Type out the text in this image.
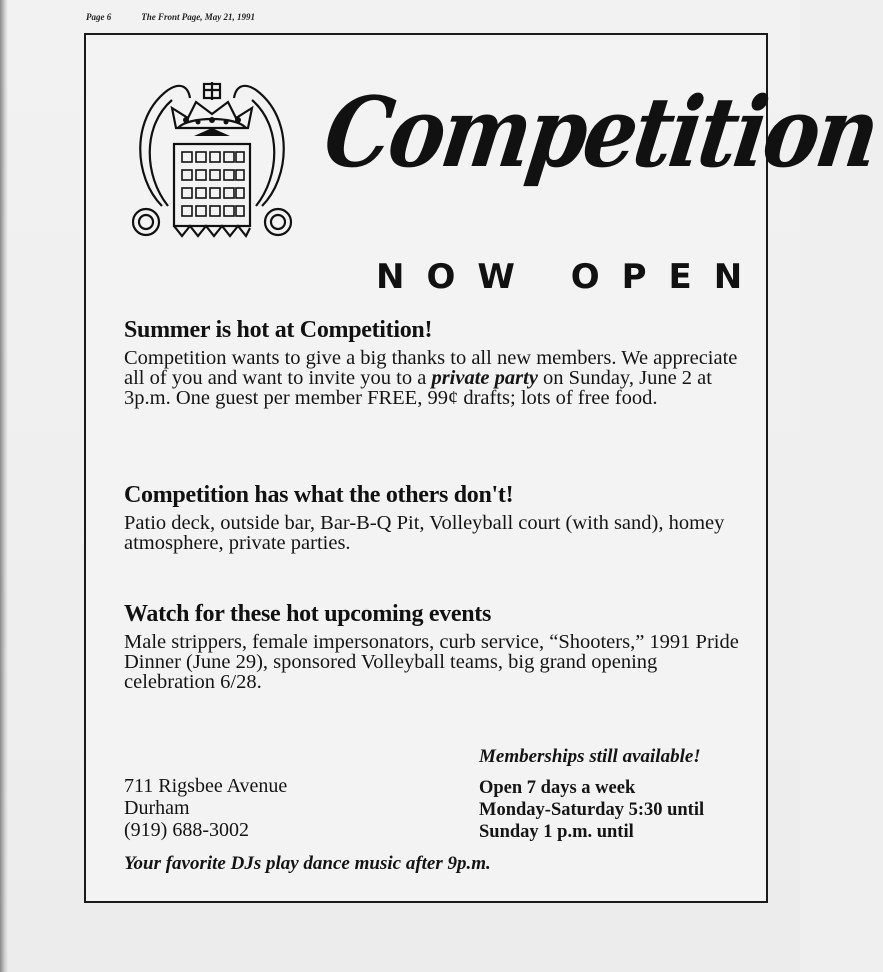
Page 6	The Front Page, May 21, 1991
Competition
NOW OPEN
Summer is hot at Competition!

Competition wants to give a big thanks to all new members. We appreciate all of you and want to invite you to a private party on Sunday, June 2 at 3p.m. One guest per member FREE, 99¢ drafts; lots of free food.

Competition has what the others don't!

Patio deck, outside bar, Bar-B-Q Pit, Volleyball court (with sand), homey atmosphere, private parties.

Watch for these hot upcoming events

Male strippers, female impersonators, curb service, “Shooters,” 1991 Pride Dinner (June 29), sponsored Volleyball teams, big grand opening celebration 6/28.

Memberships still available!
711 Rigsbee Avenue
Durham
(919) 688-3002
Open 7 days a week
Monday-Saturday 5:30 until
Sunday 1 p.m. until
Your favorite DJs play dance music after 9p.m.
